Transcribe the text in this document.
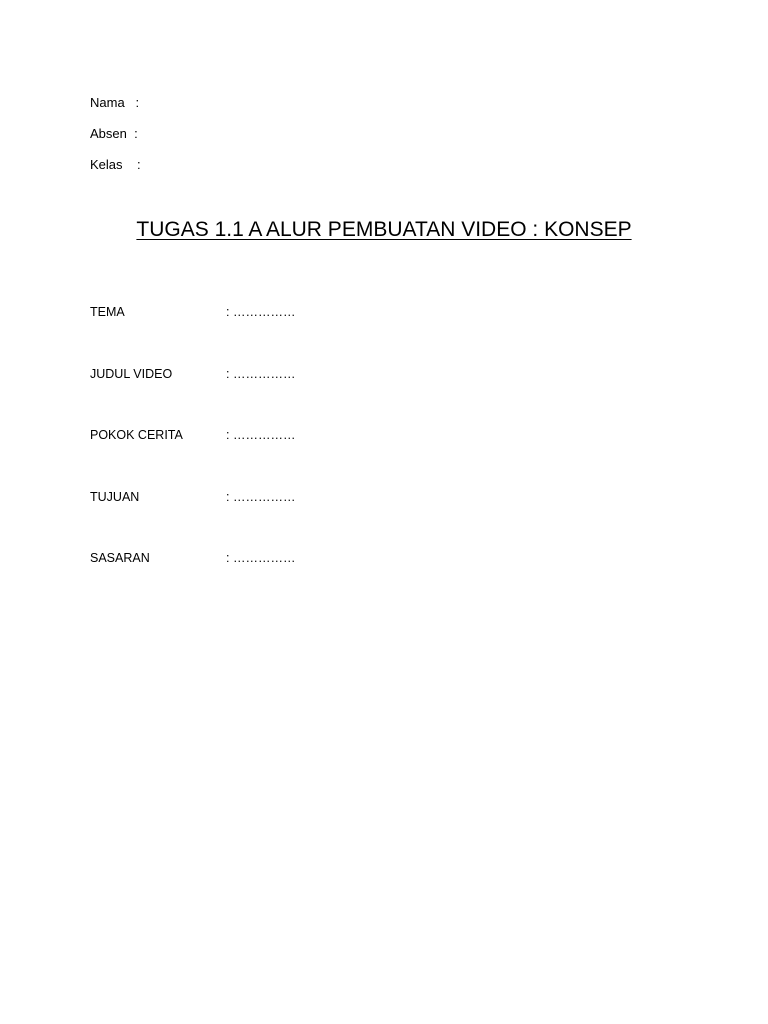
Nama   :
Absen  :
Kelas    :
TUGAS 1.1 A ALUR PEMBUATAN VIDEO : KONSEP
TEMA	: ……………
JUDUL VIDEO	: ……………
POKOK CERITA	: ……………
TUJUAN	: ……………
SASARAN	: ……………
